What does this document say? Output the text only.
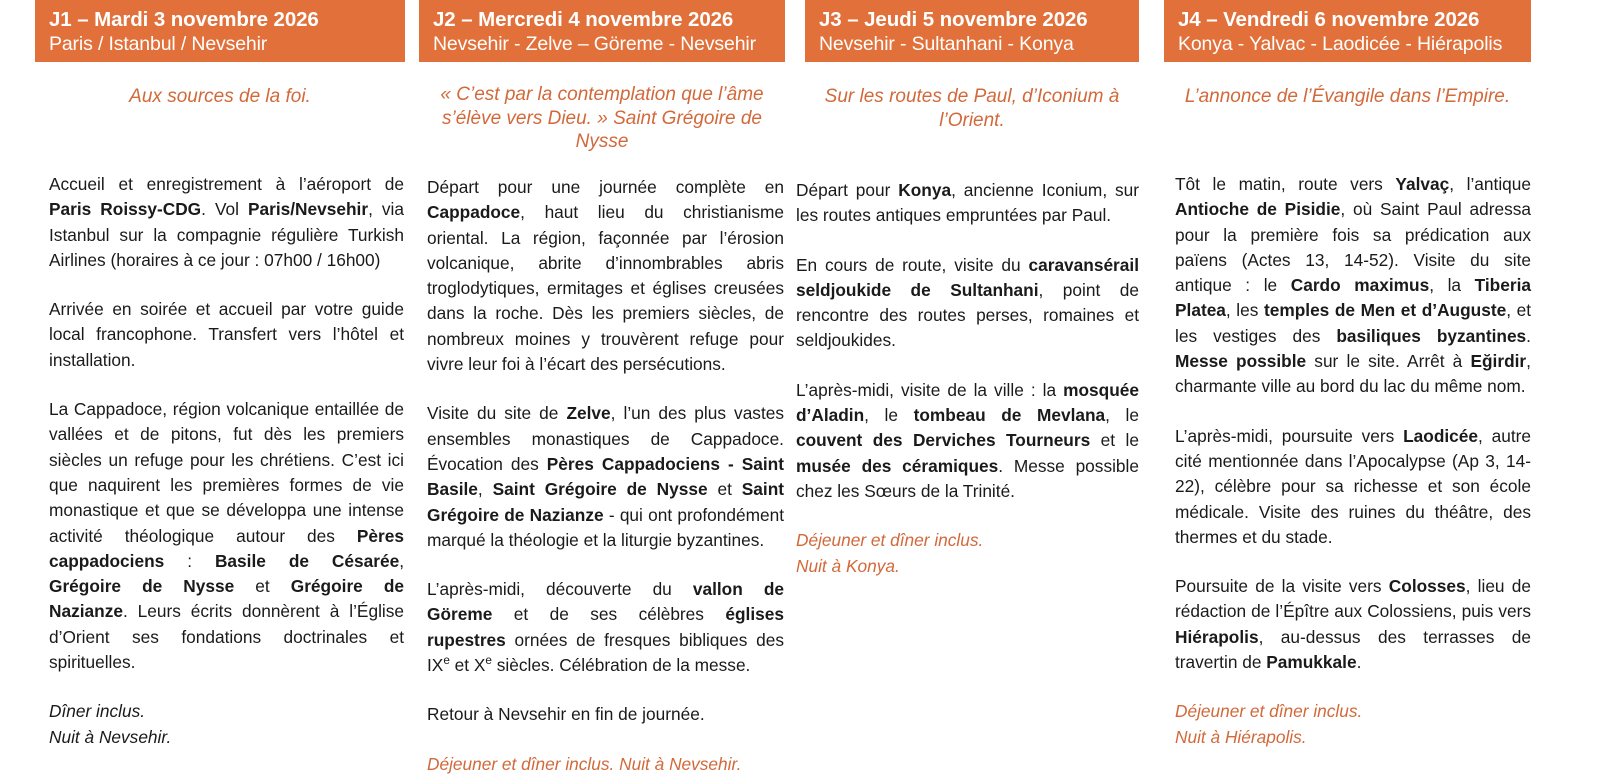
J1 – Mardi 3 novembre 2026
Paris / Istanbul / Nevsehir
Aux sources de la foi.

Accueil et enregistrement à l’aéroport de Paris Roissy-CDG. Vol Paris/Nevsehir, via Istanbul sur la compagnie régulière Turkish Airlines (horaires à ce jour : 07h00 / 16h00)

Arrivée en soirée et accueil par votre guide local francophone. Transfert vers l’hôtel et installation.

La Cappadoce, région volcanique entaillée de vallées et de pitons, fut dès les premiers siècles un refuge pour les chrétiens. C’est ici que naquirent les premières formes de vie monastique et que se développa une intense activité théologique autour des Pères cappadociens : Basile de Césarée, Grégoire de Nysse et Grégoire de Nazianze. Leurs écrits donnèrent à l’Église d’Orient ses fondations doctrinales et spirituelles.

Dîner inclus.
Nuit à Nevsehir.
J2 – Mercredi 4 novembre 2026
Nevsehir - Zelve – Göreme - Nevsehir
« C’est par la contemplation que l’âme s’élève vers Dieu. » Saint Grégoire de Nysse

Départ pour une journée complète en Cappadoce, haut lieu du christianisme oriental. La région, façonnée par l’érosion volcanique, abrite d’innombrables abris troglodytiques, ermitages et églises creusées dans la roche. Dès les premiers siècles, de nombreux moines y trouvèrent refuge pour vivre leur foi à l’écart des persécutions.

Visite du site de Zelve, l’un des plus vastes ensembles monastiques de Cappadoce. Évocation des Pères Cappadociens - Saint Basile, Saint Grégoire de Nysse et Saint Grégoire de Nazianze - qui ont profondément marqué la théologie et la liturgie byzantines.

L’après-midi, découverte du vallon de Göreme et de ses célèbres églises rupestres ornées de fresques bibliques des IXe et Xe siècles. Célébration de la messe.

Retour à Nevsehir en fin de journée.

Déjeuner et dîner inclus. Nuit à Nevsehir.
J3 – Jeudi 5 novembre 2026
Nevsehir - Sultanhani - Konya
Sur les routes de Paul, d’Iconium à l’Orient.

Départ pour Konya, ancienne Iconium, sur les routes antiques empruntées par Paul.

En cours de route, visite du caravansérail seldjoukide de Sultanhani, point de rencontre des routes perses, romaines et seldjoukides.

L’après-midi, visite de la ville : la mosquée d’Aladin, le tombeau de Mevlana, le couvent des Derviches Tourneurs et le musée des céramiques. Messe possible chez les Sœurs de la Trinité.

Déjeuner et dîner inclus.
Nuit à Konya.
J4 – Vendredi 6 novembre 2026
Konya - Yalvac - Laodicée - Hiérapolis
L’annonce de l’Évangile dans l’Empire.

Tôt le matin, route vers Yalvaç, l’antique Antioche de Pisidie, où Saint Paul adressa pour la première fois sa prédication aux païens (Actes 13, 14-52). Visite du site antique : le Cardo maximus, la Tiberia Platea, les temples de Men et d’Auguste, et les vestiges des basiliques byzantines. Messe possible sur le site. Arrêt à Eğirdir, charmante ville au bord du lac du même nom.

L’après-midi, poursuite vers Laodicée, autre cité mentionnée dans l’Apocalypse (Ap 3, 14-22), célèbre pour sa richesse et son école médicale. Visite des ruines du théâtre, des thermes et du stade.

Poursuite de la visite vers Colosses, lieu de rédaction de l’Épître aux Colossiens, puis vers Hiérapolis, au-dessus des terrasses de travertin de Pamukkale.

Déjeuner et dîner inclus.
Nuit à Hiérapolis.
